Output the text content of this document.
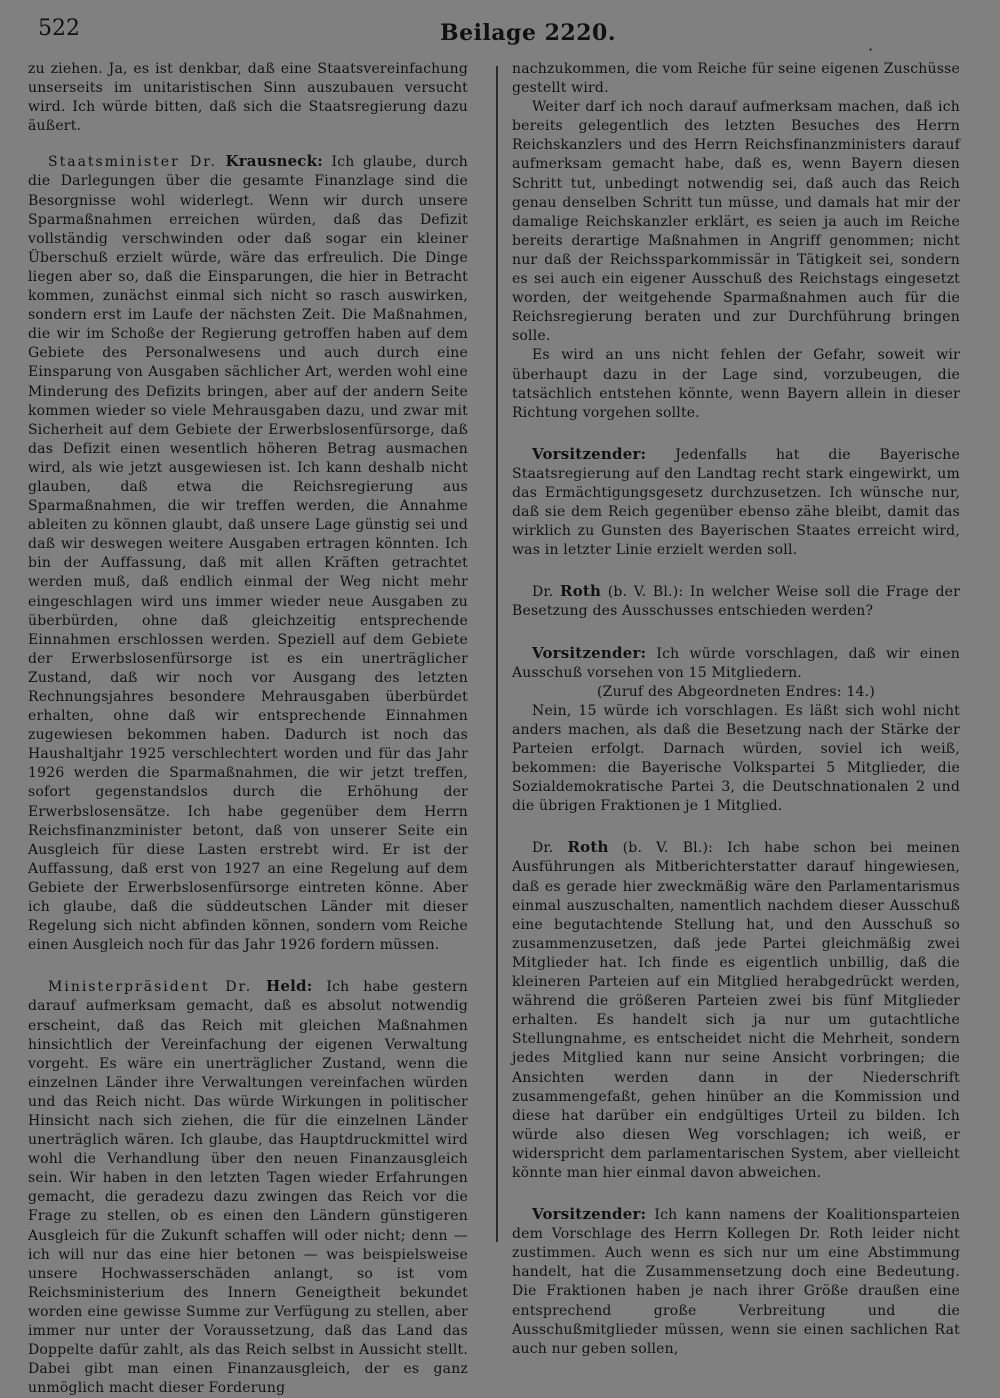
522	Beilage 2220.
·

zu ziehen. Ja, es ist denkbar, daß eine Staatsvereinfachung unserseits im unitaristischen Sinn auszubauen versucht wird. Ich würde bitten, daß sich die Staatsregierung dazu äußert.

Staatsminister Dr. Krausneck: Ich glaube, durch die Darlegungen über die gesamte Finanzlage sind die Besorgnisse wohl widerlegt. Wenn wir durch unsere Sparmaßnahmen erreichen würden, daß das Defizit vollständig verschwinden oder daß sogar ein kleiner Überschuß erzielt würde, wäre das erfreulich. Die Dinge liegen aber so, daß die Einsparungen, die hier in Betracht kommen, zunächst einmal sich nicht so rasch auswirken, sondern erst im Laufe der nächsten Zeit. Die Maßnahmen, die wir im Schoße der Regierung getroffen haben auf dem Gebiete des Personalwesens und auch durch eine Einsparung von Ausgaben sächlicher Art, werden wohl eine Minderung des Defizits bringen, aber auf der andern Seite kommen wieder so viele Mehrausgaben dazu, und zwar mit Sicherheit auf dem Gebiete der Erwerbslosenfürsorge, daß das Defizit einen wesentlich höheren Betrag ausmachen wird, als wie jetzt ausgewiesen ist. Ich kann deshalb nicht glauben, daß etwa die Reichsregierung aus Sparmaßnahmen, die wir treffen werden, die Annahme ableiten zu können glaubt, daß unsere Lage günstig sei und daß wir deswegen weitere Ausgaben ertragen könnten. Ich bin der Auffassung, daß mit allen Kräften getrachtet werden muß, daß endlich einmal der Weg nicht mehr eingeschlagen wird uns immer wieder neue Ausgaben zu überbürden, ohne daß gleichzeitig entsprechende Einnahmen erschlossen werden. Speziell auf dem Gebiete der Erwerbslosenfürsorge ist es ein unerträglicher Zustand, daß wir noch vor Ausgang des letzten Rechnungsjahres besondere Mehrausgaben überbürdet erhalten, ohne daß wir entsprechende Einnahmen zugewiesen bekommen haben. Dadurch ist noch das Haushaltjahr 1925 verschlechtert worden und für das Jahr 1926 werden die Sparmaßnahmen, die wir jetzt treffen, sofort gegenstandslos durch die Erhöhung der Erwerbslosensätze. Ich habe gegenüber dem Herrn Reichsfinanzminister betont, daß von unserer Seite ein Ausgleich für diese Lasten erstrebt wird. Er ist der Auffassung, daß erst von 1927 an eine Regelung auf dem Gebiete der Erwerbslosenfürsorge eintreten könne. Aber ich glaube, daß die süddeutschen Länder mit dieser Regelung sich nicht abfinden können, sondern vom Reiche einen Ausgleich noch für das Jahr 1926 fordern müssen.

Ministerpräsident Dr. Held: Ich habe gestern darauf aufmerksam gemacht, daß es absolut notwendig erscheint, daß das Reich mit gleichen Maßnahmen hinsichtlich der Vereinfachung der eigenen Verwaltung vorgeht. Es wäre ein unerträglicher Zustand, wenn die einzelnen Länder ihre Verwaltungen vereinfachen würden und das Reich nicht. Das würde Wirkungen in politischer Hinsicht nach sich ziehen, die für die einzelnen Länder unerträglich wären. Ich glaube, das Hauptdruckmittel wird wohl die Verhandlung über den neuen Finanzausgleich sein. Wir haben in den letzten Tagen wieder Erfahrungen gemacht, die geradezu dazu zwingen das Reich vor die Frage zu stellen, ob es einen den Ländern günstigeren Ausgleich für die Zukunft schaffen will oder nicht; denn — ich will nur das eine hier betonen — was beispielsweise unsere Hochwasserschäden anlangt, so ist vom Reichsministerium des Innern Geneigtheit bekundet worden eine gewisse Summe zur Verfügung zu stellen, aber immer nur unter der Voraussetzung, daß das Land das Doppelte dafür zahlt, als das Reich selbst in Aussicht stellt. Dabei gibt man einen Finanzausgleich, der es ganz unmöglich macht dieser Forderung

nachzukommen, die vom Reiche für seine eigenen Zuschüsse gestellt wird.

Weiter darf ich noch darauf aufmerksam machen, daß ich bereits gelegentlich des letzten Besuches des Herrn Reichskanzlers und des Herrn Reichsfinanzministers darauf aufmerksam gemacht habe, daß es, wenn Bayern diesen Schritt tut, unbedingt notwendig sei, daß auch das Reich genau denselben Schritt tun müsse, und damals hat mir der damalige Reichskanzler erklärt, es seien ja auch im Reiche bereits derartige Maßnahmen in Angriff genommen; nicht nur daß der Reichssparkommissär in Tätigkeit sei, sondern es sei auch ein eigener Ausschuß des Reichstags eingesetzt worden, der weitgehende Sparmaßnahmen auch für die Reichsregierung beraten und zur Durchführung bringen solle.

Es wird an uns nicht fehlen der Gefahr, soweit wir überhaupt dazu in der Lage sind, vorzubeugen, die tatsächlich entstehen könnte, wenn Bayern allein in dieser Richtung vorgehen sollte.

Vorsitzender: Jedenfalls hat die Bayerische Staatsregierung auf den Landtag recht stark eingewirkt, um das Ermächtigungsgesetz durchzusetzen. Ich wünsche nur, daß sie dem Reich gegenüber ebenso zähe bleibt, damit das wirklich zu Gunsten des Bayerischen Staates erreicht wird, was in letzter Linie erzielt werden soll.

Dr. Roth (b. V. Bl.): In welcher Weise soll die Frage der Besetzung des Ausschusses entschieden werden?

Vorsitzender: Ich würde vorschlagen, daß wir einen Ausschuß vorsehen von 15 Mitgliedern.

(Zuruf des Abgeordneten Endres: 14.)

Nein, 15 würde ich vorschlagen. Es läßt sich wohl nicht anders machen, als daß die Besetzung nach der Stärke der Parteien erfolgt. Darnach würden, soviel ich weiß, bekommen: die Bayerische Volkspartei 5 Mitglieder, die Sozialdemokratische Partei 3, die Deutschnationalen 2 und die übrigen Fraktionen je 1 Mitglied.

Dr. Roth (b. V. Bl.): Ich habe schon bei meinen Ausführungen als Mitberichterstatter darauf hingewiesen, daß es gerade hier zweckmäßig wäre den Parlamentarismus einmal auszuschalten, namentlich nachdem dieser Ausschuß eine begutachtende Stellung hat, und den Ausschuß so zusammenzusetzen, daß jede Partei gleichmäßig zwei Mitglieder hat. Ich finde es eigentlich unbillig, daß die kleineren Parteien auf ein Mitglied herabgedrückt werden, während die größeren Parteien zwei bis fünf Mitglieder erhalten. Es handelt sich ja nur um gutachtliche Stellungnahme, es entscheidet nicht die Mehrheit, sondern jedes Mitglied kann nur seine Ansicht vorbringen; die Ansichten werden dann in der Niederschrift zusammengefaßt, gehen hinüber an die Kommission und diese hat darüber ein endgültiges Urteil zu bilden. Ich würde also diesen Weg vorschlagen; ich weiß, er widerspricht dem parlamentarischen System, aber vielleicht könnte man hier einmal davon abweichen.

Vorsitzender: Ich kann namens der Koalitionsparteien dem Vorschlage des Herrn Kollegen Dr. Roth leider nicht zustimmen. Auch wenn es sich nur um eine Abstimmung handelt, hat die Zusammensetzung doch eine Bedeutung. Die Fraktionen haben je nach ihrer Größe draußen eine entsprechend große Verbreitung und die Ausschußmitglieder müssen, wenn sie einen sachlichen Rat auch nur geben sollen,
